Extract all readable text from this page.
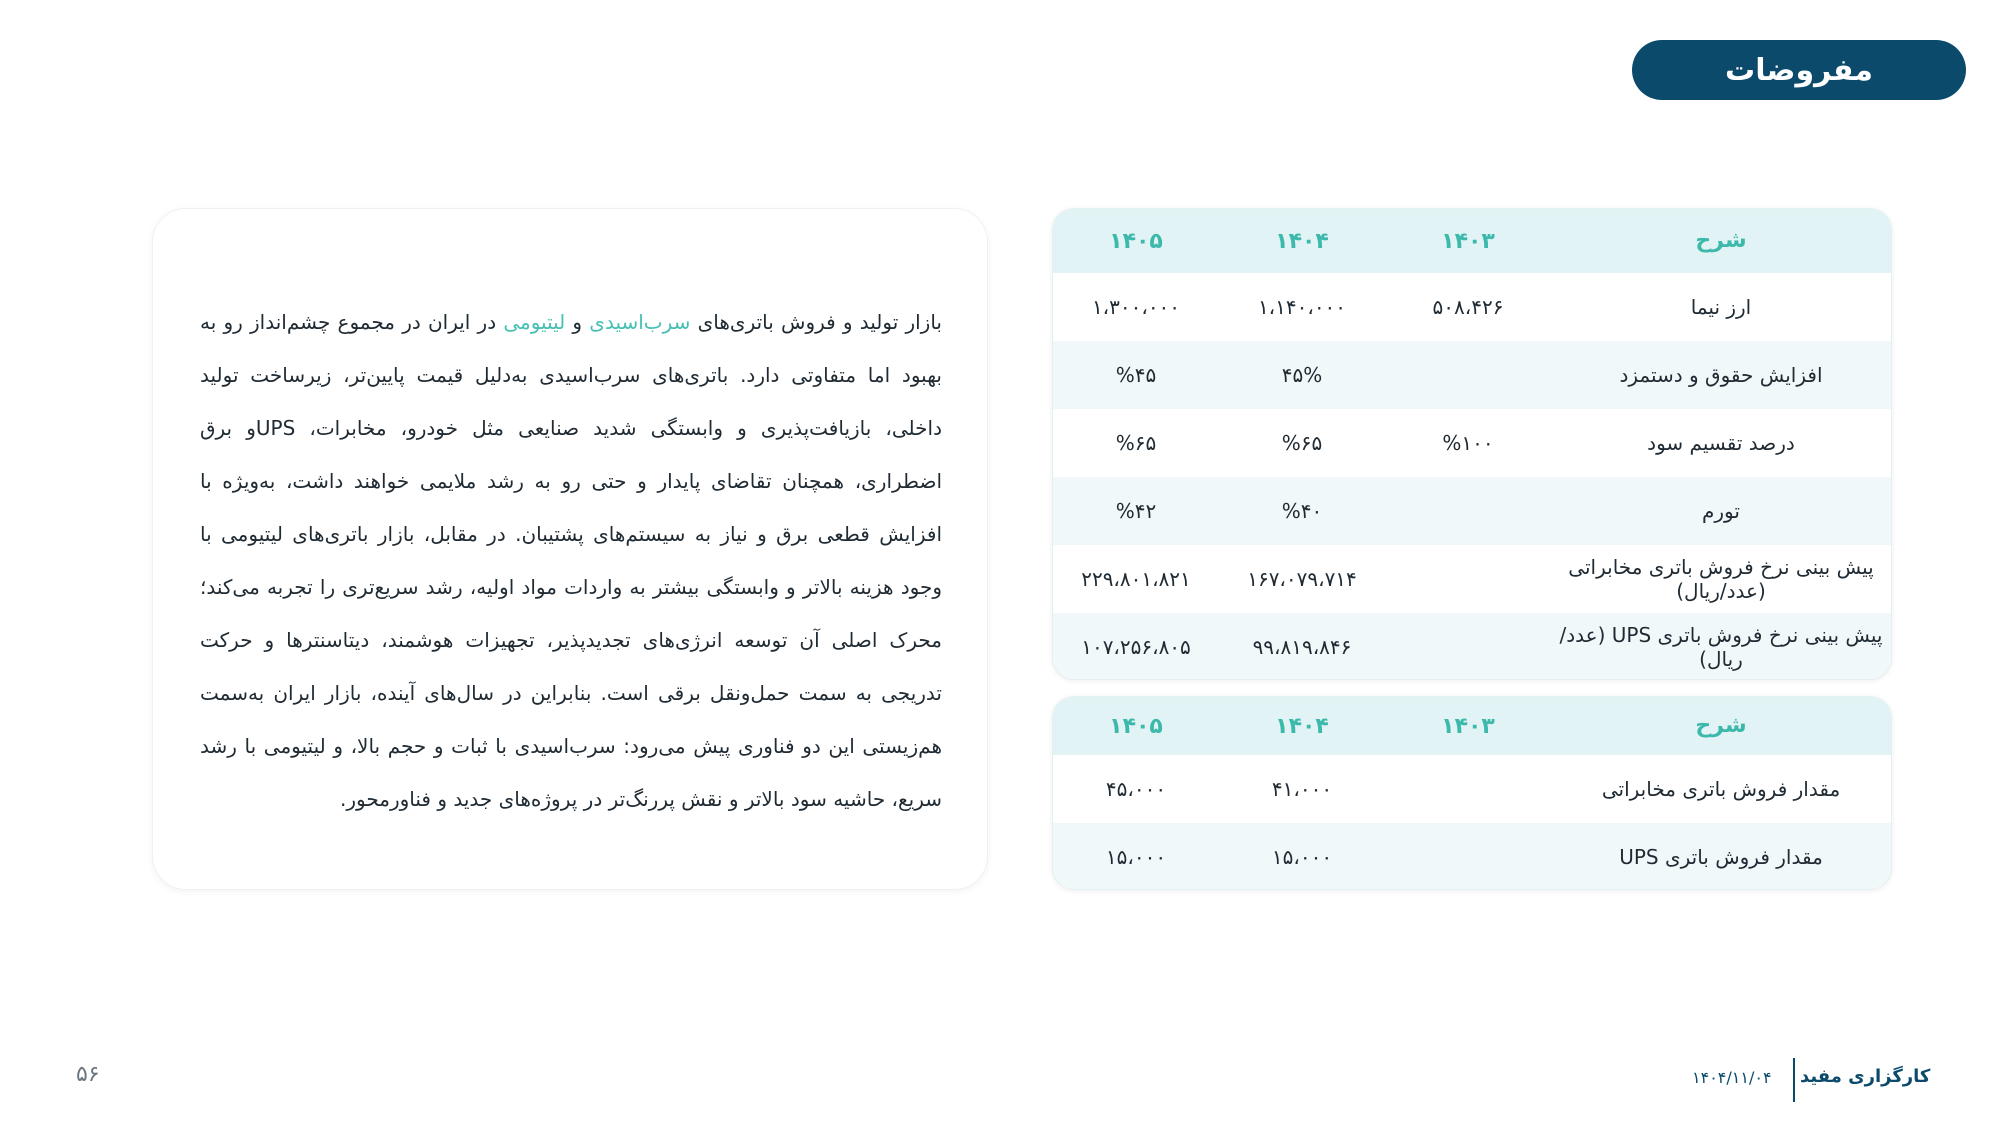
مفروضات

بازار تولید و فروش باتری‌های سرب‌اسیدی و لیتیومی در ایران در مجموع چشم‌انداز رو به بهبود اما متفاوتی دارد. باتری‌های سرب‌اسیدی به‌دلیل قیمت پایین‌تر، زیرساخت تولید داخلی، بازیافت‌پذیری و وابستگی شدید صنایعی مثل خودرو، مخابرات، UPSو برق اضطراری، همچنان تقاضای پایدار و حتی رو به رشد ملایمی خواهند داشت، به‌ویژه با افزایش قطعی برق و نیاز به سیستم‌های پشتیبان. در مقابل، بازار باتری‌های لیتیومی با وجود هزینه بالاتر و وابستگی بیشتر به واردات مواد اولیه، رشد سریع‌تری را تجربه می‌کند؛ محرک اصلی آن توسعه انرژی‌های تجدیدپذیر، تجهیزات هوشمند، دیتاسنترها و حرکت تدریجی به سمت حمل‌ونقل برقی است. بنابراین در سال‌های آینده، بازار ایران به‌سمت هم‌زیستی این دو فناوری پیش می‌رود: سرب‌اسیدی با ثبات و حجم بالا، و لیتیومی با رشد سریع، حاشیه سود بالاتر و نقش پررنگ‌تر در پروژه‌های جدید و فناورمحور.

شرح
۱۴۰۳
۱۴۰۴
۱۴۰۵
ارز نیما
۵۰۸،۴۲۶
۱،۱۴۰،۰۰۰
۱،۳۰۰،۰۰۰
افزایش حقوق و دستمزد
۴۵%
%۴۵
درصد تقسیم سود
%۱۰۰
%۶۵
%۶۵
تورم
%۴۰
%۴۲
پیش بینی نرخ فروش باتری مخابراتی (عدد/ریال)
۱۶۷،۰۷۹،۷۱۴
۲۲۹،۸۰۱،۸۲۱
پیش بینی نرخ فروش باتری UPS (عدد/ریال)
۹۹،۸۱۹،۸۴۶
۱۰۷،۲۵۶،۸۰۵
شرح
۱۴۰۳
۱۴۰۴
۱۴۰۵
مقدار فروش باتری مخابراتی
۴۱،۰۰۰
۴۵،۰۰۰
مقدار فروش باتری UPS
۱۵،۰۰۰
۱۵،۰۰۰
۵۶	۱۴۰۴/۱۱/۰۴ کارگزاری مفید
